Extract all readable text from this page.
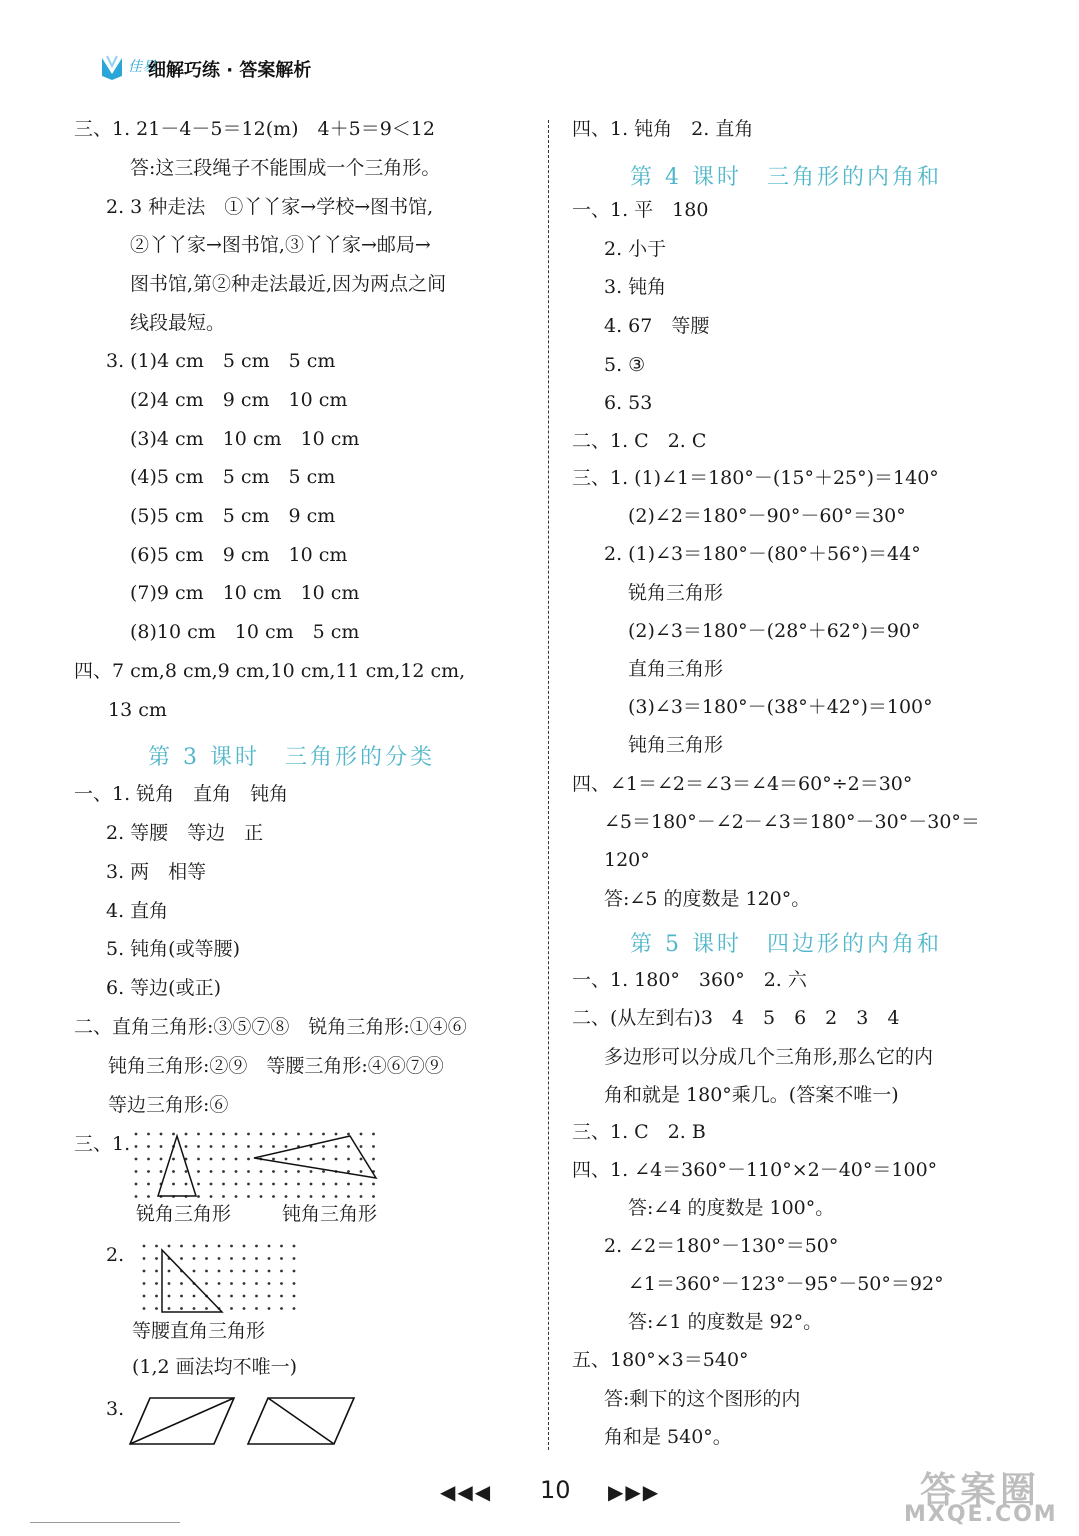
佳易
细解巧练 · 答案解析
三、1. 21－4－5＝12(m)　4＋5＝9＜12
答:这三段绳子不能围成一个三角形。
2. 3 种走法　①丫丫家→学校→图书馆,
②丫丫家→图书馆,③丫丫家→邮局→
图书馆,第②种走法最近,因为两点之间
线段最短。
3. (1)4 cm　5 cm　5 cm
(2)4 cm　9 cm　10 cm
(3)4 cm　10 cm　10 cm
(4)5 cm　5 cm　5 cm
(5)5 cm　5 cm　9 cm
(6)5 cm　9 cm　10 cm
(7)9 cm　10 cm　10 cm
(8)10 cm　10 cm　5 cm
四、7 cm,8 cm,9 cm,10 cm,11 cm,12 cm,
13 cm
第 3 课时　三角形的分类
一、1. 锐角　直角　钝角
2. 等腰　等边　正
3. 两　相等
4. 直角
5. 钝角(或等腰)
6. 等边(或正)
二、直角三角形:③⑤⑦⑧　锐角三角形:①④⑥
钝角三角形:②⑨　等腰三角形:④⑥⑦⑨
等边三角形:⑥
三、1.
锐角三角形	钝角三角形
2.
等腰直角三角形
(1,2 画法均不唯一)
3.
四、1. 钝角　2. 直角
第 4 课时　三角形的内角和
一、1. 平　180
2. 小于
3. 钝角
4. 67　等腰
5. ③
6. 53
二、1. C　2. C
三、1. (1)∠1＝180°－(15°＋25°)＝140°
(2)∠2＝180°－90°－60°＝30°
2. (1)∠3＝180°－(80°＋56°)＝44°
锐角三角形
(2)∠3＝180°－(28°＋62°)＝90°
直角三角形
(3)∠3＝180°－(38°＋42°)＝100°
钝角三角形
四、∠1＝∠2＝∠3＝∠4＝60°÷2＝30°
∠5＝180°－∠2－∠3＝180°－30°－30°＝
120°
答:∠5 的度数是 120°。
第 5 课时　四边形的内角和
一、1. 180°　360°　2. 六
二、(从左到右)3　4　5　6　2　3　4
多边形可以分成几个三角形,那么它的内
角和就是 180°乘几。(答案不唯一)
三、1. C　2. B
四、1. ∠4＝360°－110°×2－40°＝100°
答:∠4 的度数是 100°。
2. ∠2＝180°－130°＝50°
∠1＝360°－123°－95°－50°＝92°
答:∠1 的度数是 92°。
五、180°×3＝540°
答:剩下的这个图形的内
角和是 540°。
◀◀◀ 10 ▶▶▶	答案圈
MXQE.COM
